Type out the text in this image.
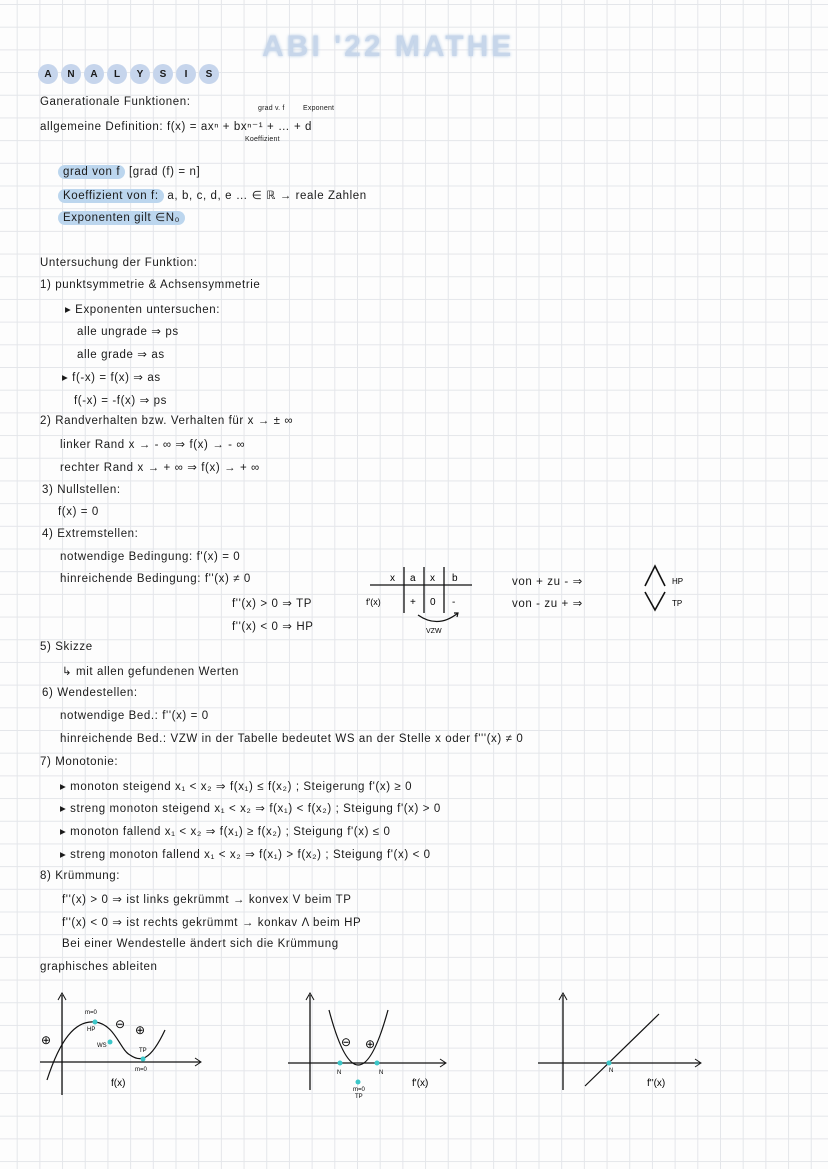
ABI '22 MATHE
A	N	A	L	Y	S	I	S
Ganerationale Funktionen:
grad v. f	Exponent
allgemeine Definition: f(x) = axⁿ + bxⁿ⁻¹ + … + d
Koeffizient
grad von f [grad (f) = n]
Koeffizient von f: a, b, c, d, e … ∈ ℝ → reale Zahlen
Exponenten gilt ∈N₀
Untersuchung der Funktion:
1) punktsymmetrie & Achsensymmetrie
▸ Exponenten untersuchen:
alle ungrade ⇒ ps
alle grade ⇒ as
▸ f(-x) = f(x) ⇒ as
f(-x) = -f(x) ⇒ ps
2) Randverhalten bzw. Verhalten für x → ± ∞
linker Rand x → - ∞ ⇒ f(x) → - ∞
rechter Rand x → + ∞ ⇒ f(x) → + ∞
3) Nullstellen:
f(x) = 0
4) Extremstellen:
notwendige Bedingung: f'(x) = 0
hinreichende Bedingung: f''(x) ≠ 0
f''(x) > 0 ⇒ TP
f''(x) < 0 ⇒ HP
x a x b
f'(x)	+ 0 -
VZW
von + zu - ⇒
von - zu + ⇒
HP
TP
5) Skizze
↳ mit allen gefundenen Werten
6) Wendestellen:
notwendige Bed.: f''(x) = 0
hinreichende Bed.: VZW in der Tabelle bedeutet WS an der Stelle x oder f'''(x) ≠ 0
7) Monotonie:
▸ monoton steigend x₁ < x₂ ⇒ f(x₁) ≤ f(x₂) ; Steigerung f'(x) ≥ 0
▸ streng monoton steigend x₁ < x₂ ⇒ f(x₁) < f(x₂) ; Steigung f'(x) > 0
▸ monoton fallend x₁ < x₂ ⇒ f(x₁) ≥ f(x₂) ; Steigung f'(x) ≤ 0
▸ streng monoton fallend x₁ < x₂ ⇒ f(x₁) > f(x₂) ; Steigung f'(x) < 0
8) Krümmung:
f''(x) > 0 ⇒ ist links gekrümmt → konvex V beim TP
f''(x) < 0 ⇒ ist rechts gekrümmt → konkav Λ beim HP
Bei einer Wendestelle ändert sich die Krümmung
graphisches ableiten
m=0
HP
WS
TP
m=0
⊕
⊖ ⊕
f(x)
N	N
m=0
TP
⊖ ⊕
f'(x)
N
f''(x)
